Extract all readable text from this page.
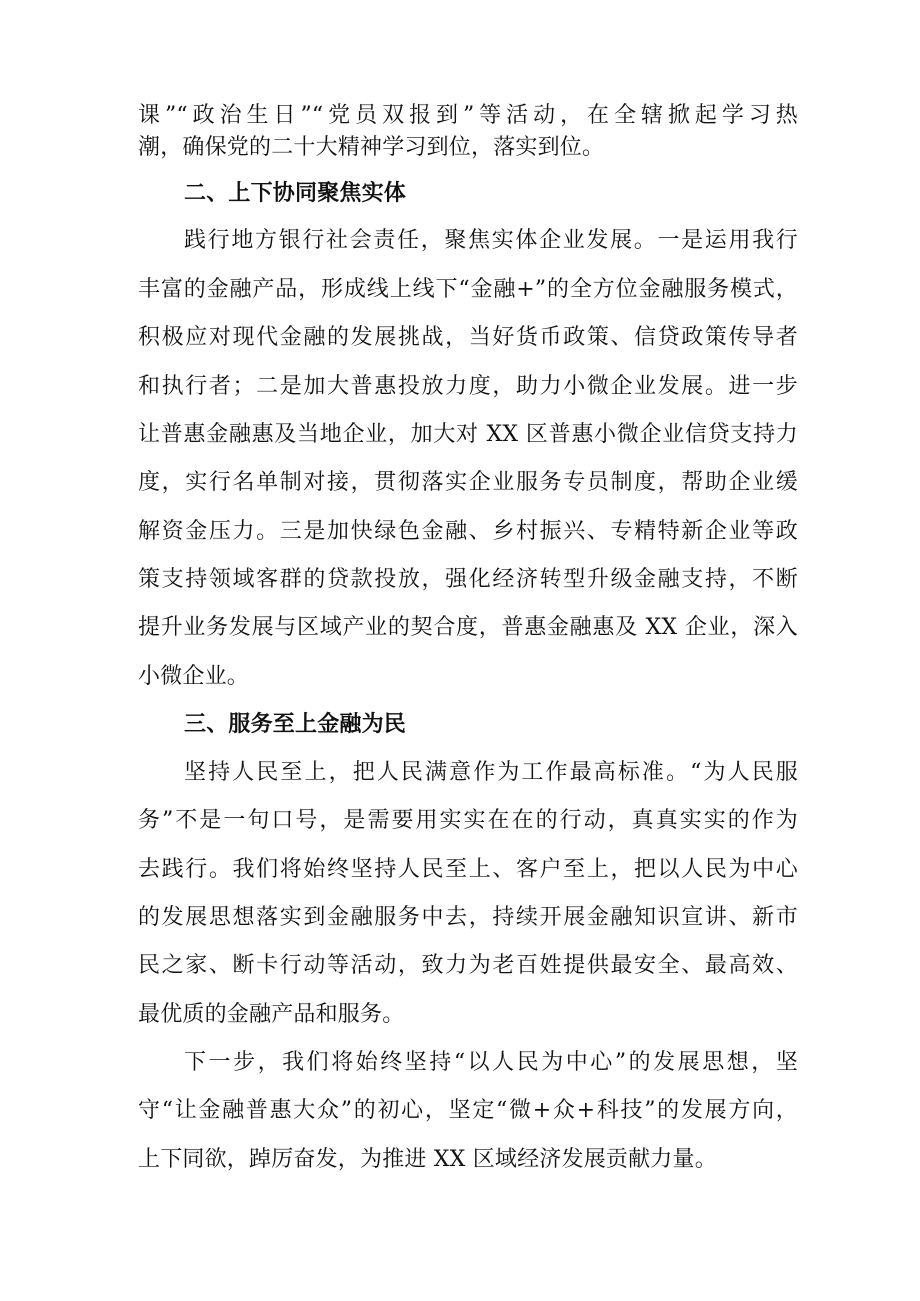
课”“政治生日”“党员双报到”等活动，在全辖掀起学习热
潮，确保党的二十大精神学习到位，落实到位。
二、上下协同聚焦实体
践行地方银行社会责任，聚焦实体企业发展。一是运用我行
丰富的金融产品，形成线上线下“金融+”的全方位金融服务模式，
积极应对现代金融的发展挑战，当好货币政策、信贷政策传导者
和执行者；二是加大普惠投放力度，助力小微企业发展。进一步
让普惠金融惠及当地企业，加大对 XX 区普惠小微企业信贷支持力
度，实行名单制对接，贯彻落实企业服务专员制度，帮助企业缓
解资金压力。三是加快绿色金融、乡村振兴、专精特新企业等政
策支持领域客群的贷款投放，强化经济转型升级金融支持，不断
提升业务发展与区域产业的契合度，普惠金融惠及 XX 企业，深入
小微企业。
三、服务至上金融为民
坚持人民至上，把人民满意作为工作最高标准。“为人民服
务”不是一句口号，是需要用实实在在的行动，真真实实的作为
去践行。我们将始终坚持人民至上、客户至上，把以人民为中心
的发展思想落实到金融服务中去，持续开展金融知识宣讲、新市
民之家、断卡行动等活动，致力为老百姓提供最安全、最高效、
最优质的金融产品和服务。
下一步，我们将始终坚持“以人民为中心”的发展思想，坚
守“让金融普惠大众”的初心，坚定“微+众+科技”的发展方向，
上下同欲，踔厉奋发，为推进 XX 区域经济发展贡献力量。
